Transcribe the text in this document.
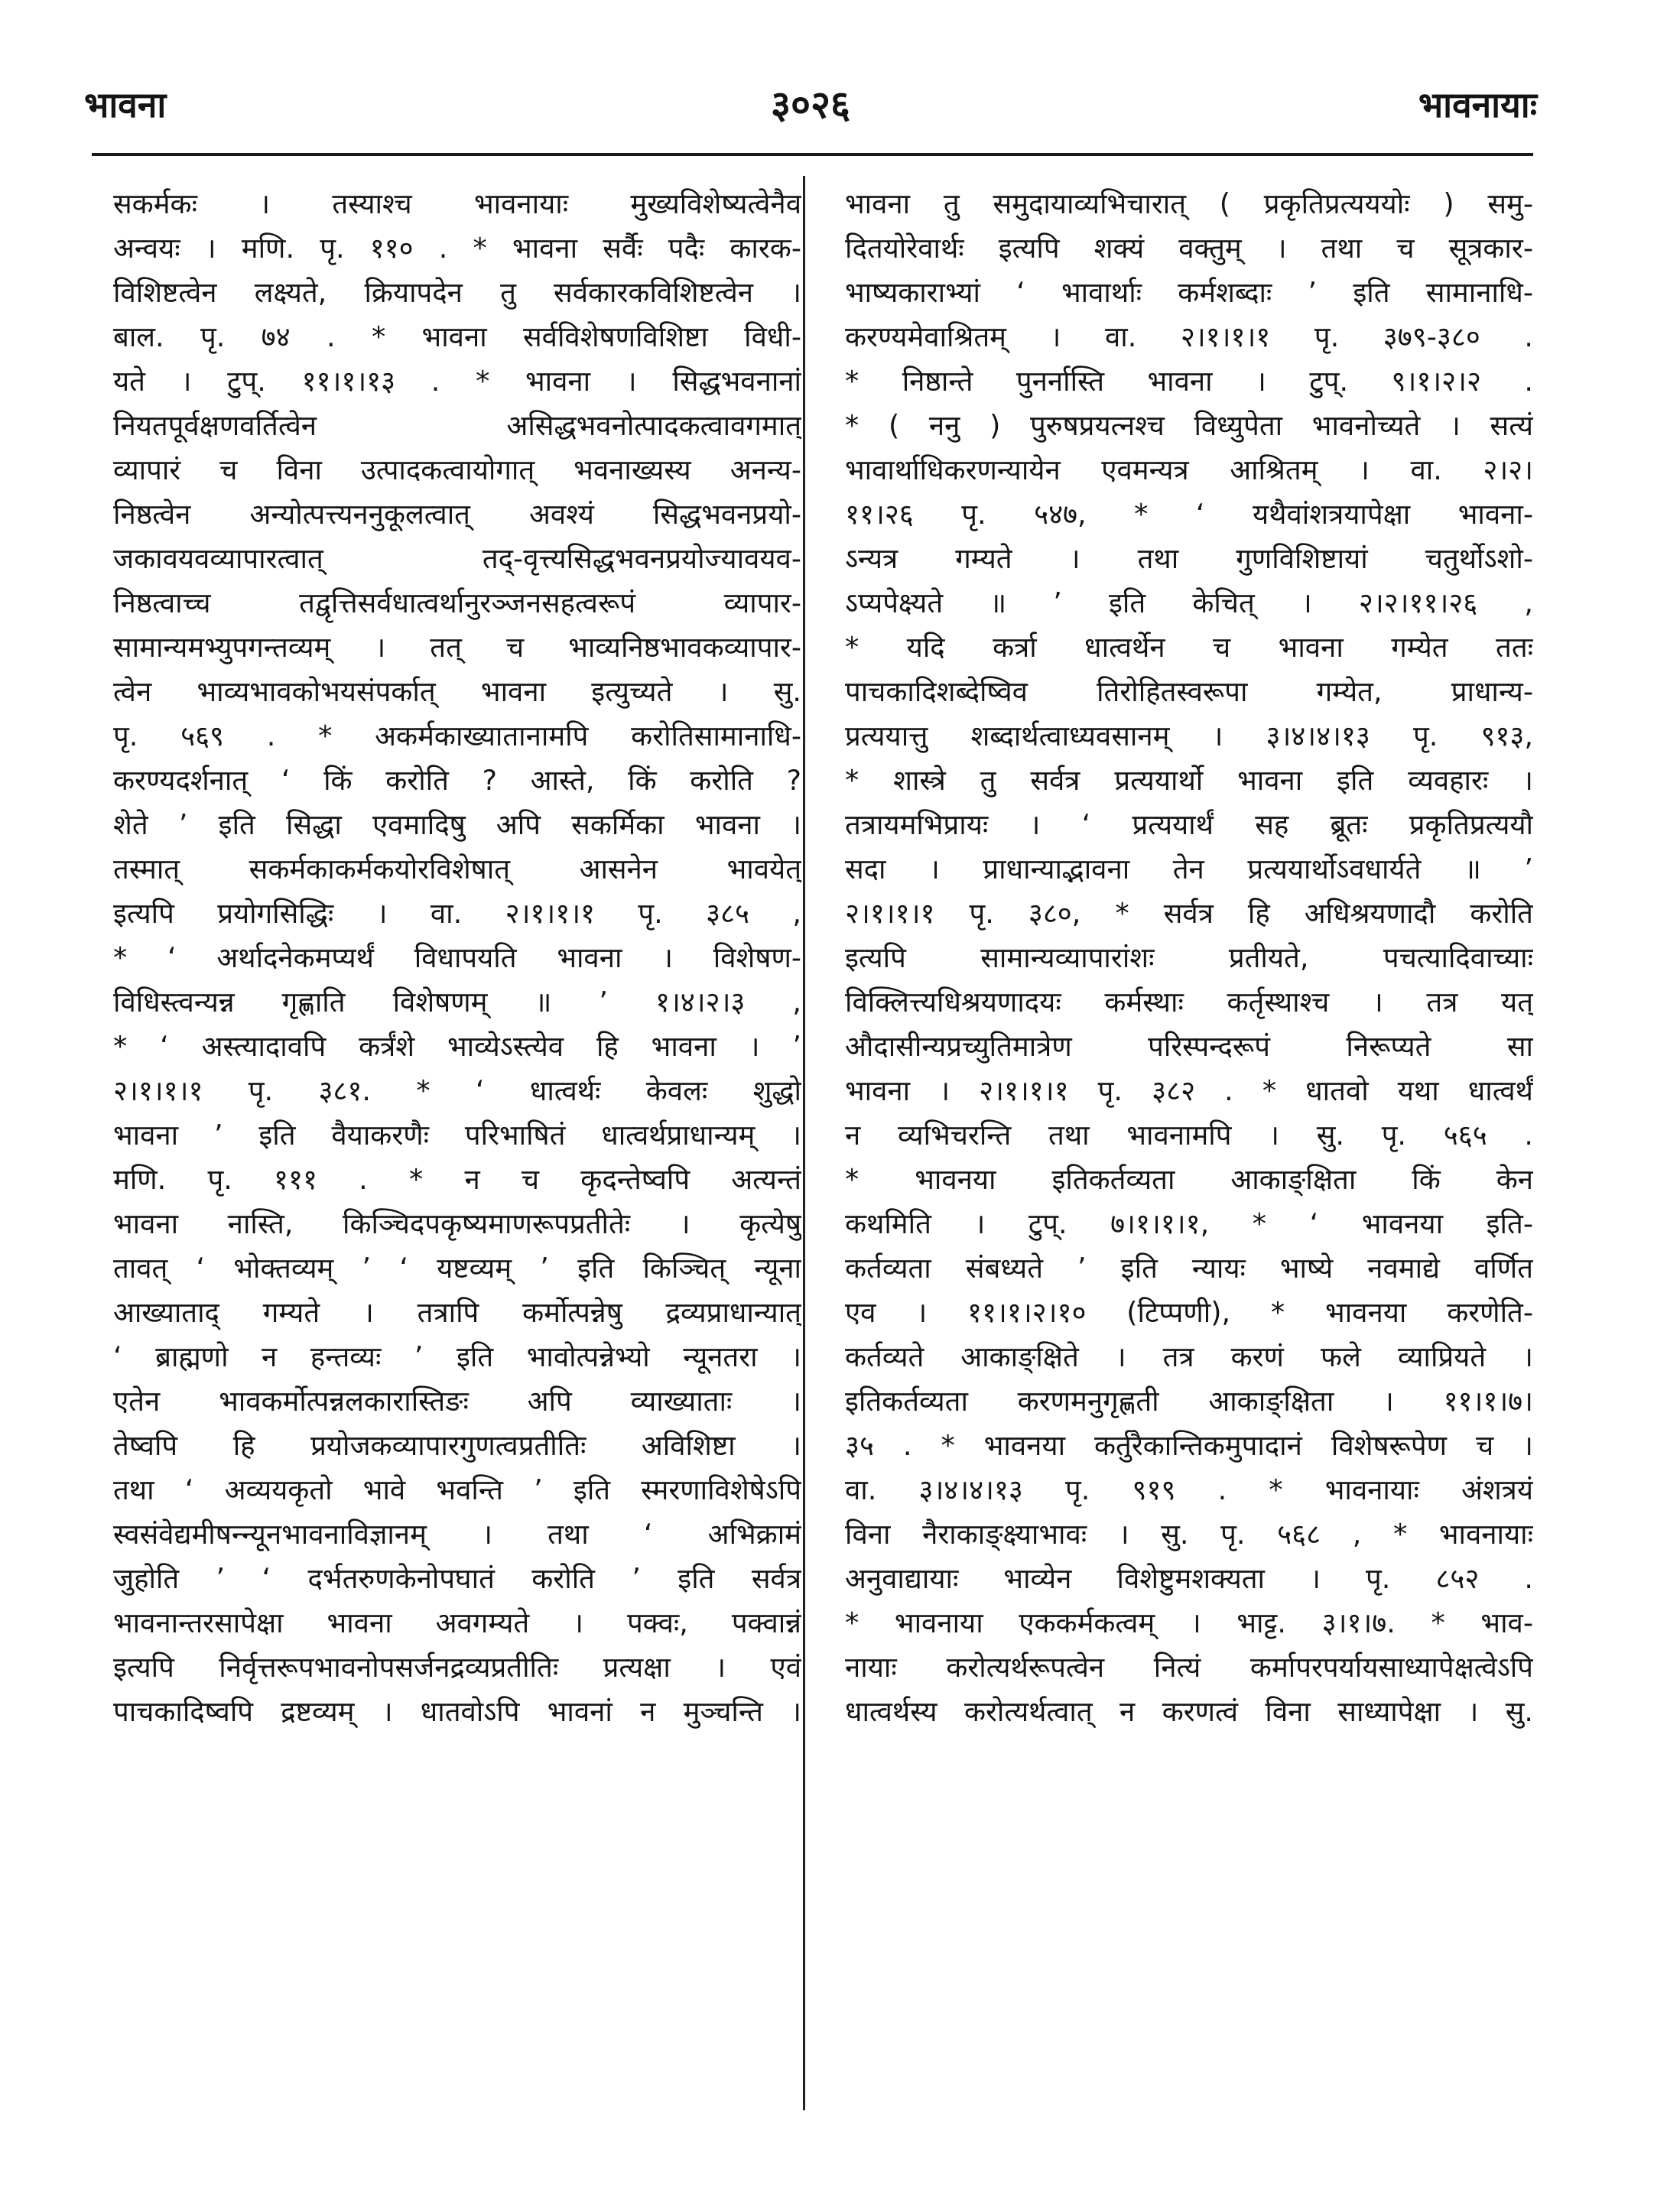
भावना	३०२६	भावनायाः
सकर्मकः । तस्याश्च भावनायाः मुख्यविशेष्यत्वेनैव
अन्वयः । मणि. पृ. ११० . * भावना सर्वैः पदैः कारक-
विशिष्टत्वेन लक्ष्यते, क्रियापदेन तु सर्वकारकविशिष्टत्वेन ।
बाल. पृ. ७४ . * भावना सर्वविशेषणविशिष्टा विधी-
यते । टुप्. ११।१।१३ . * भावना । सिद्धभवनानां
नियतपूर्वक्षणवर्तित्वेन असिद्धभवनोत्पादकत्वावगमात्
व्यापारं च विना उत्पादकत्वायोगात् भवनाख्यस्य अनन्य-
निष्ठत्वेन अन्योत्पत्त्यननुकूलत्वात् अवश्यं सिद्धभवनप्रयो-
जकावयवव्यापारत्वात् तद्-वृत्त्यसिद्धभवनप्रयोज्यावयव-
निष्ठत्वाच्च तद्वृत्तिसर्वधात्वर्थानुरञ्जनसहत्वरूपं व्यापार-
सामान्यमभ्युपगन्तव्यम् । तत् च भाव्यनिष्ठभावकव्यापार-
त्वेन भाव्यभावकोभयसंपर्कात् भावना इत्युच्यते । सु.
पृ. ५६९ . * अकर्मकाख्यातानामपि करोतिसामानाधि-
करण्यदर्शनात् ‘ किं करोति ? आस्ते, किं करोति ?
शेते ’ इति सिद्धा एवमादिषु अपि सकर्मिका भावना ।
तस्मात् सकर्मकाकर्मकयोरविशेषात् आसनेन भावयेत्
इत्यपि प्रयोगसिद्धिः । वा. २।१।१।१ पृ. ३८५ ,
* ‘ अर्थादनेकमप्यर्थं विधापयति भावना । विशेषण-
विधिस्त्वन्यन्न गृह्णाति विशेषणम् ॥ ’ १।४।२।३ ,
* ‘ अस्त्यादावपि कर्त्रंशे भाव्येऽस्त्येव हि भावना । ’
२।१।१।१ पृ. ३८१. * ‘ धात्वर्थः केवलः शुद्धो
भावना ’ इति वैयाकरणैः परिभाषितं धात्वर्थप्राधान्यम् ।
मणि. पृ. १११ . * न च कृदन्तेष्वपि अत्यन्तं
भावना नास्ति, किञ्चिदपकृष्यमाणरूपप्रतीतेः । कृत्येषु
तावत् ‘ भोक्तव्यम् ’ ‘ यष्टव्यम् ’ इति किञ्चित् न्यूना
आख्याताद् गम्यते । तत्रापि कर्मोत्पन्नेषु द्रव्यप्राधान्यात्
‘ ब्राह्मणो न हन्तव्यः ’ इति भावोत्पन्नेभ्यो न्यूनतरा ।
एतेन भावकर्मोत्पन्नलकारास्तिङः अपि व्याख्याताः ।
तेष्वपि हि प्रयोजकव्यापारगुणत्वप्रतीतिः अविशिष्टा ।
तथा ‘ अव्ययकृतो भावे भवन्ति ’ इति स्मरणाविशेषेऽपि
स्वसंवेद्यमीषन्न्यूनभावनाविज्ञानम् । तथा ‘ अभिक्रामं
जुहोति ’ ‘ दर्भतरुणकेनोपघातं करोति ’ इति सर्वत्र
भावनान्तरसापेक्षा भावना अवगम्यते । पक्वः, पक्वान्नं
इत्यपि निर्वृत्तरूपभावनोपसर्जनद्रव्यप्रतीतिः प्रत्यक्षा । एवं
पाचकादिष्वपि द्रष्टव्यम् । धातवोऽपि भावनां न मुञ्चन्ति ।
भावना तु समुदायाव्यभिचारात् ( प्रकृतिप्रत्यययोः ) समु-
दितयोरेवार्थः इत्यपि शक्यं वक्तुम् । तथा च सूत्रकार-
भाष्यकाराभ्यां ‘ भावार्थाः कर्मशब्दाः ’ इति सामानाधि-
करण्यमेवाश्रितम् । वा. २।१।१।१ पृ. ३७९-३८० .
* निष्ठान्ते पुनर्नास्ति भावना । टुप्. ९।१।२।२ .
* ( ननु ) पुरुषप्रयत्नश्च विध्युपेता भावनोच्यते । सत्यं
भावार्थाधिकरणन्यायेन एवमन्यत्र आश्रितम् । वा. २।२।
११।२६ पृ. ५४७, * ‘ यथैवांशत्रयापेक्षा भावना-
ऽन्यत्र गम्यते । तथा गुणविशिष्टायां चतुर्थोऽशो-
ऽप्यपेक्ष्यते ॥ ’ इति केचित् । २।२।११।२६ ,
* यदि कर्त्रा धात्वर्थेन च भावना गम्येत ततः
पाचकादिशब्देष्विव तिरोहितस्वरूपा गम्येत, प्राधान्य-
प्रत्ययात्तु शब्दार्थत्वाध्यवसानम् । ३।४।४।१३ पृ. ९१३,
* शास्त्रे तु सर्वत्र प्रत्ययार्थो भावना इति व्यवहारः ।
तत्रायमभिप्रायः । ‘ प्रत्ययार्थं सह ब्रूतः प्रकृतिप्रत्ययौ
सदा । प्राधान्याद्भावना तेन प्रत्ययार्थोऽवधार्यते ॥ ’
२।१।१।१ पृ. ३८०, * सर्वत्र हि अधिश्रयणादौ करोति
इत्यपि सामान्यव्यापारांशः प्रतीयते, पचत्यादिवाच्याः
विक्लित्त्यधिश्रयणादयः कर्मस्थाः कर्तृस्थाश्च । तत्र यत्
औदासीन्यप्रच्युतिमात्रेण परिस्पन्दरूपं निरूप्यते सा
भावना । २।१।१।१ पृ. ३८२ . * धातवो यथा धात्वर्थं
न व्यभिचरन्ति तथा भावनामपि । सु. पृ. ५६५ .
* भावनया इतिकर्तव्यता आकाङ्क्षिता किं केन
कथमिति । टुप्. ७।१।१।१, * ‘ भावनया इति-
कर्तव्यता संबध्यते ’ इति न्यायः भाष्ये नवमाद्ये वर्णित
एव । ११।१।२।१० (टिप्पणी), * भावनया करणेति-
कर्तव्यते आकाङ्क्षिते । तत्र करणं फले व्याप्रियते ।
इतिकर्तव्यता करणमनुगृह्णती आकाङ्क्षिता । ११।१।७।
३५ . * भावनया कर्तुरैकान्तिकमुपादानं विशेषरूपेण च ।
वा. ३।४।४।१३ पृ. ९१९ . * भावनायाः अंशत्रयं
विना नैराकाङ्क्ष्याभावः । सु. पृ. ५६८ , * भावनायाः
अनुवाद्यायाः भाव्येन विशेष्टुमशक्यता । पृ. ८५२ .
* भावनाया एककर्मकत्वम् । भाट्ट. ३।१।७. * भाव-
नायाः करोत्यर्थरूपत्वेन नित्यं कर्मापरपर्यायसाध्यापेक्षत्वेऽपि
धात्वर्थस्य करोत्यर्थत्वात् न करणत्वं विना साध्यापेक्षा । सु.
